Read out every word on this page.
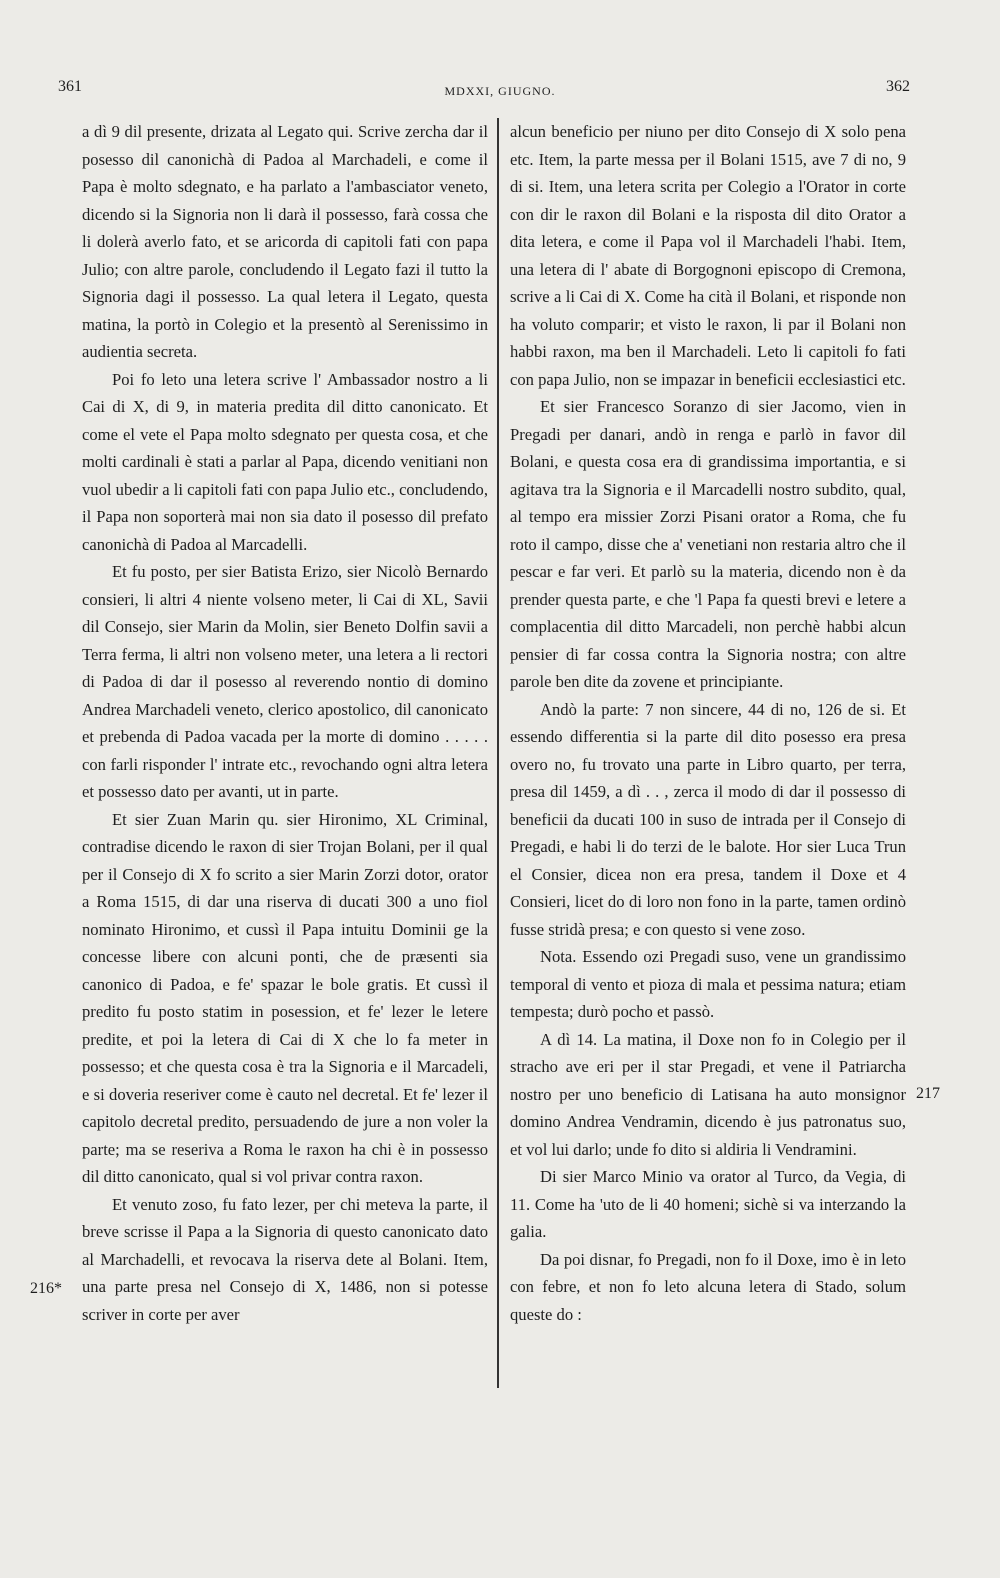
361	MDXXI, GIUGNO.	362

a dì 9 dil presente, drizata al Legato qui. Scrive zercha dar il posesso dil canonichà di Padoa al Marchadeli, e come il Papa è molto sdegnato, e ha parlato a l'ambasciator veneto, dicendo si la Signoria non li darà il possesso, farà cossa che li dolerà averlo fato, et se aricorda di capitoli fati con papa Julio; con altre parole, concludendo il Legato fazi il tutto la Signoria dagi il possesso. La qual letera il Legato, questa matina, la portò in Colegio et la presentò al Serenissimo in audientia secreta.

Poi fo leto una letera scrive l' Ambassador nostro a li Cai di X, di 9, in materia predita dil ditto canonicato. Et come el vete el Papa molto sdegnato per questa cosa, et che molti cardinali è stati a parlar al Papa, dicendo venitiani non vuol ubedir a li capitoli fati con papa Julio etc., concludendo, il Papa non soporterà mai non sia dato il posesso dil prefato canonichà di Padoa al Marcadelli.

Et fu posto, per sier Batista Erizo, sier Nicolò Bernardo consieri, li altri 4 niente volseno meter, li Cai di XL, Savii dil Consejo, sier Marin da Molin, sier Beneto Dolfin savii a Terra ferma, li altri non volseno meter, una letera a li rectori di Padoa di dar il posesso al reverendo nontio di domino Andrea Marchadeli veneto, clerico apostolico, dil canonicato et prebenda di Padoa vacada per la morte di domino . . . . . con farli risponder l' intrate etc., revochando ogni altra letera et possesso dato per avanti, ut in parte.

Et sier Zuan Marin qu. sier Hironimo, XL Criminal, contradise dicendo le raxon di sier Trojan Bolani, per il qual per il Consejo di X fo scrito a sier Marin Zorzi dotor, orator a Roma 1515, di dar una riserva di ducati 300 a uno fiol nominato Hironimo, et cussì il Papa intuitu Dominii ge la concesse libere con alcuni ponti, che de præsenti sia canonico di Padoa, e fe' spazar le bole gratis. Et cussì il predito fu posto statim in posession, et fe' lezer le letere predite, et poi la letera di Cai di X che lo fa meter in possesso; et che questa cosa è tra la Signoria e il Marcadeli, e si doveria reseriver come è cauto nel decretal. Et fe' lezer il capitolo decretal predito, persuadendo de jure a non voler la parte; ma se reseriva a Roma le raxon ha chi è in possesso dil ditto canonicato, qual si vol privar contra raxon.

Et venuto zoso, fu fato lezer, per chi meteva la parte, il breve scrisse il Papa a la Signoria di questo canonicato dato al Marchadelli, et revocava la riserva dete al Bolani. Item, una parte presa nel Consejo di X, 1486, non si potesse scriver in corte per aver

alcun beneficio per niuno per dito Consejo di X solo pena etc. Item, la parte messa per il Bolani 1515, ave 7 di no, 9 di si. Item, una letera scrita per Colegio a l'Orator in corte con dir le raxon dil Bolani e la risposta dil dito Orator a dita letera, e come il Papa vol il Marchadeli l'habi. Item, una letera di l' abate di Borgognoni episcopo di Cremona, scrive a li Cai di X. Come ha cità il Bolani, et risponde non ha voluto comparir; et visto le raxon, li par il Bolani non habbi raxon, ma ben il Marchadeli. Leto li capitoli fo fati con papa Julio, non se impazar in beneficii ecclesiastici etc.

Et sier Francesco Soranzo di sier Jacomo, vien in Pregadi per danari, andò in renga e parlò in favor dil Bolani, e questa cosa era di grandissima importantia, e si agitava tra la Signoria e il Marcadelli nostro subdito, qual, al tempo era missier Zorzi Pisani orator a Roma, che fu roto il campo, disse che a' venetiani non restaria altro che il pescar e far veri. Et parlò su la materia, dicendo non è da prender questa parte, e che 'l Papa fa questi brevi e letere a complacentia dil ditto Marcadeli, non perchè habbi alcun pensier di far cossa contra la Signoria nostra; con altre parole ben dite da zovene et principiante.

Andò la parte: 7 non sincere, 44 di no, 126 de si. Et essendo differentia si la parte dil dito posesso era presa overo no, fu trovato una parte in Libro quarto, per terra, presa dil 1459, a dì . . , zerca il modo di dar il possesso di beneficii da ducati 100 in suso de intrada per il Consejo di Pregadi, e habi li do terzi de le balote. Hor sier Luca Trun el Consier, dicea non era presa, tandem il Doxe et 4 Consieri, licet do di loro non fono in la parte, tamen ordinò fusse stridà presa; e con questo si vene zoso.

Nota. Essendo ozi Pregadi suso, vene un grandissimo temporal di vento et pioza di mala et pessima natura; etiam tempesta; durò pocho et passò.

A dì 14. La matina, il Doxe non fo in Colegio per il stracho ave eri per il star Pregadi, et vene il Patriarcha nostro per uno beneficio di Latisana ha auto monsignor domino Andrea Vendramin, dicendo è jus patronatus suo, et vol lui darlo; unde fo dito si aldiria li Vendramini.

Di sier Marco Minio va orator al Turco, da Vegia, di 11. Come ha 'uto de li 40 homeni; sichè si va interzando la galia.

Da poi disnar, fo Pregadi, non fo il Doxe, imo è in leto con febre, et non fo leto alcuna letera di Stado, solum queste do :

216*
217
